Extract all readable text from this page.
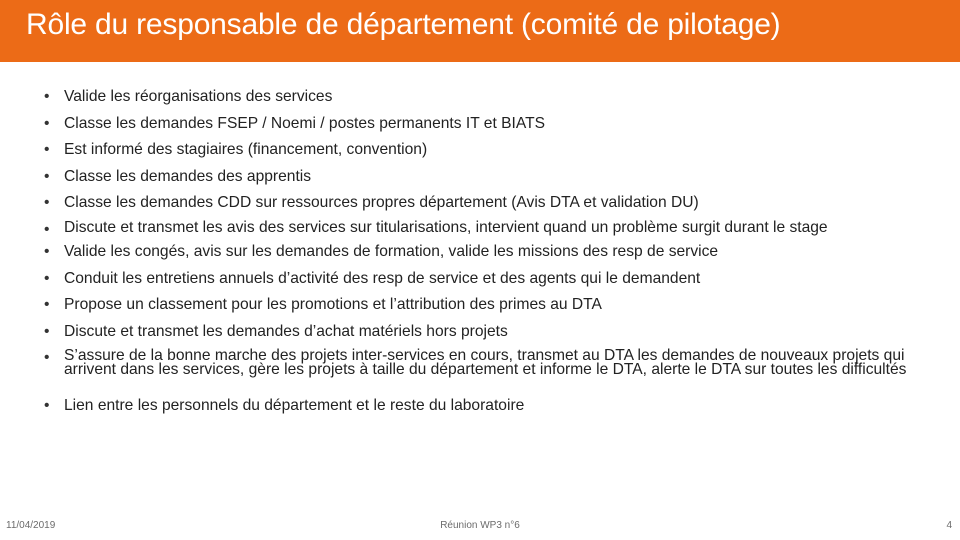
Rôle du responsable de département (comité de pilotage)
• Valide les réorganisations des services
• Classe les demandes FSEP / Noemi / postes permanents IT et BIATS
• Est informé des stagiaires (financement, convention)
• Classe les demandes des apprentis
• Classe les demandes CDD sur ressources propres département (Avis DTA et validation DU)
• Discute et transmet les avis des services sur titularisations, intervient quand un problème surgit durant le stage
• Valide les congés, avis sur les demandes de formation, valide les missions des resp de service
• Conduit les entretiens annuels d’activité des resp de service et des agents qui le demandent
• Propose un classement pour les promotions et l’attribution des primes au DTA
• Discute et transmet les demandes d’achat matériels hors projets
• S’assure de la bonne marche des projets inter-services en cours, transmet au DTA les demandes de nouveaux projets qui arrivent dans les services, gère les projets à taille du département et informe le DTA, alerte le DTA sur toutes les difficultés
• Lien entre les personnels du département et le reste du laboratoire
11/04/2019	Réunion WP3 n°6	4
